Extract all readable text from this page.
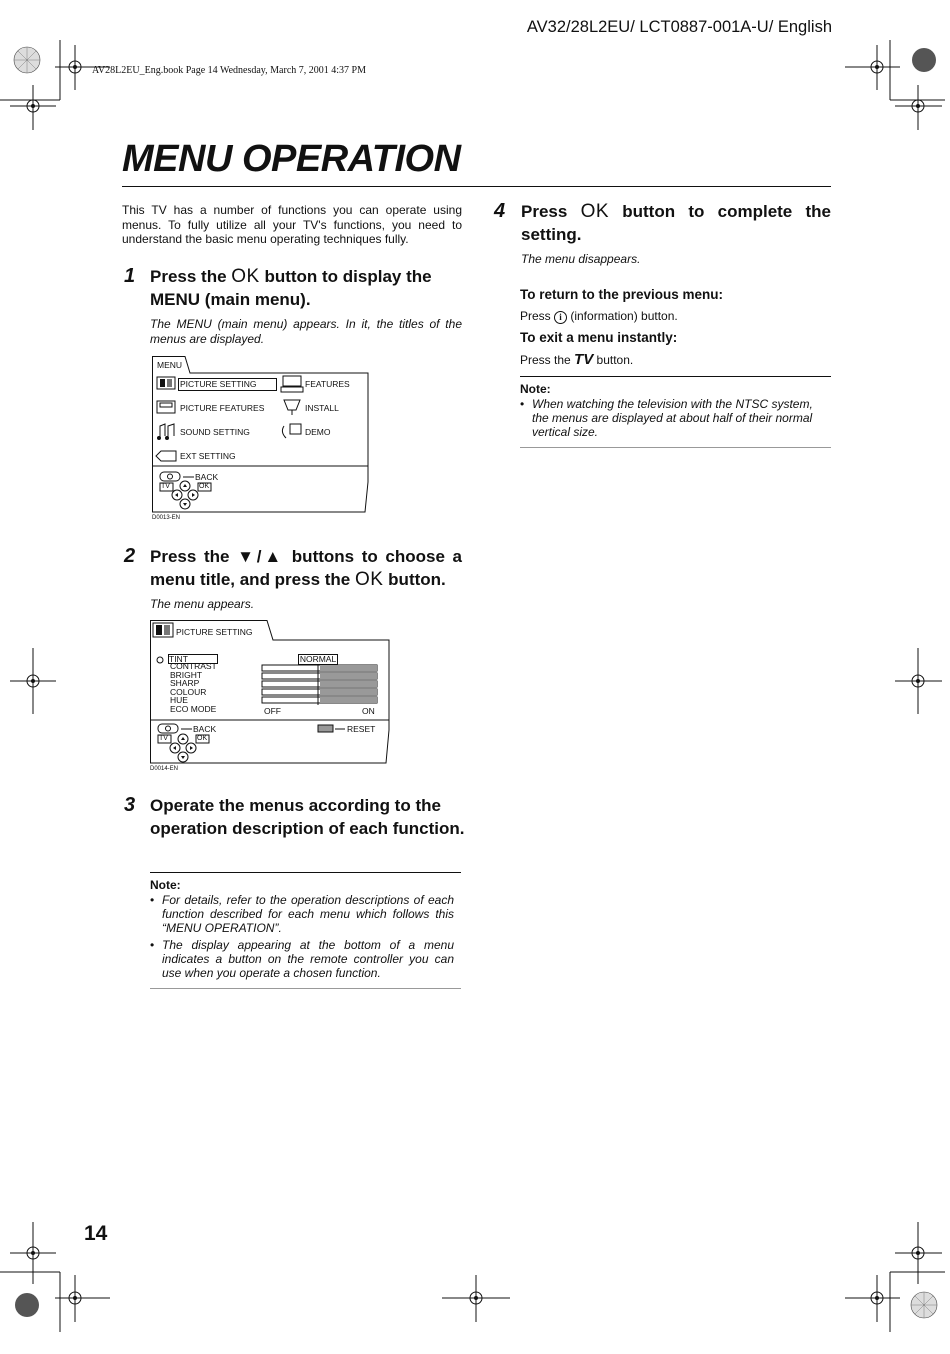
AV32/28L2EU/ LCT0887-001A-U/ English
AV28L2EU_Eng.book Page 14 Wednesday, March 7, 2001 4:37 PM
MENU OPERATION
This TV has a number of functions you can operate using menus. To fully utilize all your TV's functions, you need to understand the basic menu operating techniques fully.
1 Press the OK button to display the MENU (main menu).
The MENU (main menu) appears. In it, the titles of the menus are displayed.
MENU
PICTURE SETTING
PICTURE FEATURES
SOUND SETTING
EXT SETTING
FEATURES
INSTALL
DEMO
BACK
TV	OK
D0013-EN
2 Press the ▼/▲ buttons to choose a menu title, and press the OK button.
The menu appears.
PICTURE SETTING
TINT
CONTRAST
BRIGHT
SHARP
COLOUR
HUE
ECO MODE
NORMAL
OFF	ON
BACK	RESET
TV	OK
D0014-EN
3 Operate the menus according to the operation description of each function.
Note:
• For details, refer to the operation descriptions of each function described for each menu which follows this “MENU OPERATION”.
• The display appearing at the bottom of a menu indicates a button on the remote controller you can use when you operate a chosen function.
4 Press OK button to complete the setting.
The menu disappears.
To return to the previous menu:
Press i (information) button.
To exit a menu instantly:
Press the TV button.
Note:
• When watching the television with the NTSC system, the menus are displayed at about half of their normal vertical size.
14
